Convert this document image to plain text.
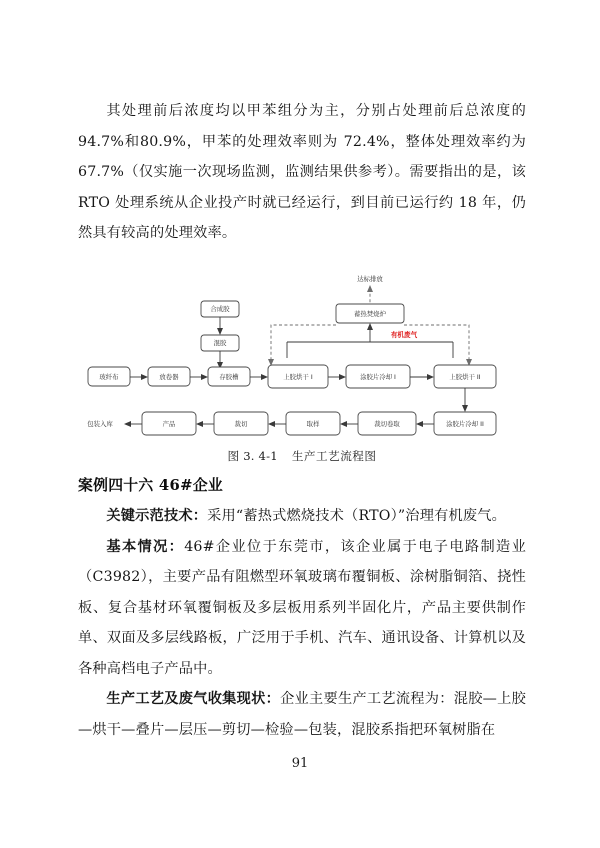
其处理前后浓度均以甲苯组分为主，分别占处理前后总浓度的94.7%和80.9%，甲苯的处理效率则为 72.4%，整体处理效率约为 67.7%（仅实施一次现场监测，监测结果供参考）。需要指出的是，该 RTO 处理系统从企业投产时就已经运行，到目前已运行约 18 年，仍然具有较高的处理效率。

蓄热焚烧炉
达标排放
有机废气
合成胶
混胶
玻纤布	放卷器	存胶槽	上胶烘干 I	涂胶片冷却 I	上胶烘干 II
涂胶片冷却 II
裁切卷取
取样
裁切
产品
包装入库
图 3. 4-1 生产工艺流程图
案例四十六 46#企业

关键示范技术：采用“蓄热式燃烧技术（RTO）”治理有机废气。

基本情况：46#企业位于东莞市，该企业属于电子电路制造业（C3982），主要产品有阻燃型环氧玻璃布覆铜板、涂树脂铜箔、挠性板、复合基材环氧覆铜板及多层板用系列半固化片，产品主要供制作单、双面及多层线路板，广泛用于手机、汽车、通讯设备、计算机以及各种高档电子产品中。

生产工艺及废气收集现状：企业主要生产工艺流程为：混胶—上胶—烘干—叠片—层压—剪切—检验—包装，混胶系指把环氧树脂在

91
